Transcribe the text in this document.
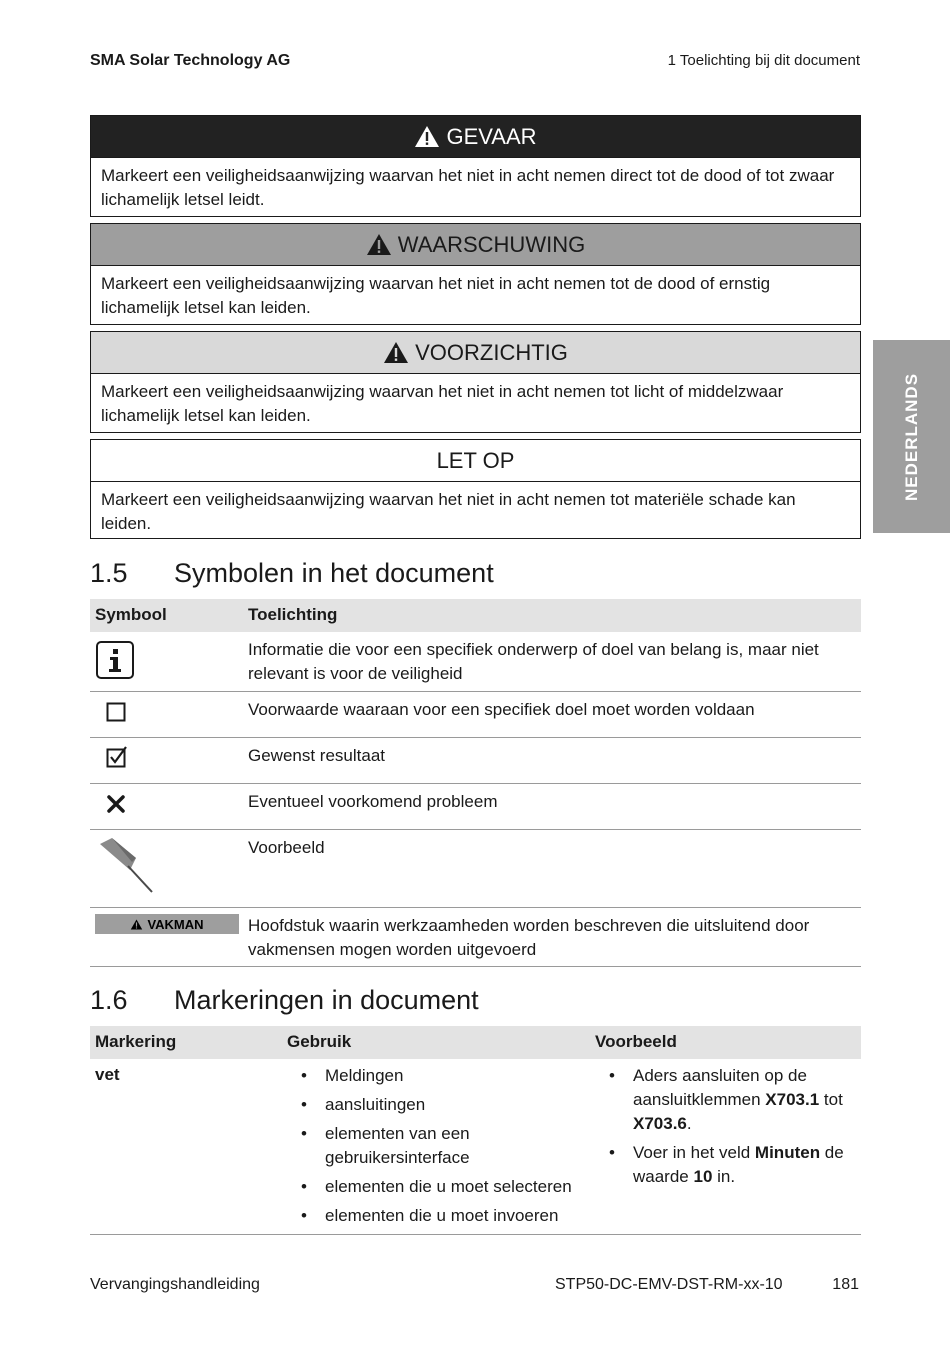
SMA Solar Technology AG	1 Toelichting bij dit document
NEDERLANDS
GEVAAR
Markeert een veiligheidsaanwijzing waarvan het niet in acht nemen direct tot de dood of tot zwaar lichamelijk letsel leidt.
WAARSCHUWING
Markeert een veiligheidsaanwijzing waarvan het niet in acht nemen tot de dood of ernstig lichamelijk letsel kan leiden.
VOORZICHTIG
Markeert een veiligheidsaanwijzing waarvan het niet in acht nemen tot licht of middelzwaar lichamelijk letsel kan leiden.
LET OP
Markeert een veiligheidsaanwijzing waarvan het niet in acht nemen tot materiële schade kan leiden.
1.5 Symbolen in het document
Symbool	Toelichting
Informatie die voor een specifiek onderwerp of doel van belang is, maar niet relevant is voor de veiligheid
Voorwaarde waaraan voor een specifiek doel moet worden voldaan
Gewenst resultaat
Eventueel voorkomend probleem
Voorbeeld
VAKMAN	Hoofdstuk waarin werkzaamheden worden beschreven die uitsluitend door vakmensen mogen worden uitgevoerd
1.6 Markeringen in document
Markering	Gebruik	Voorbeeld
vet
•	Meldingen
• aansluitingen
• elementen van een gebruikersinterface
• elementen die u moet selecteren
• elementen die u moet invoeren
• Aders aansluiten op de aansluitklemmen X703.1 tot X703.6.
• Voer in het veld Minuten de waarde 10 in.
Vervangingshandleiding	STP50-DC-EMV-DST-RM-xx-10	181
